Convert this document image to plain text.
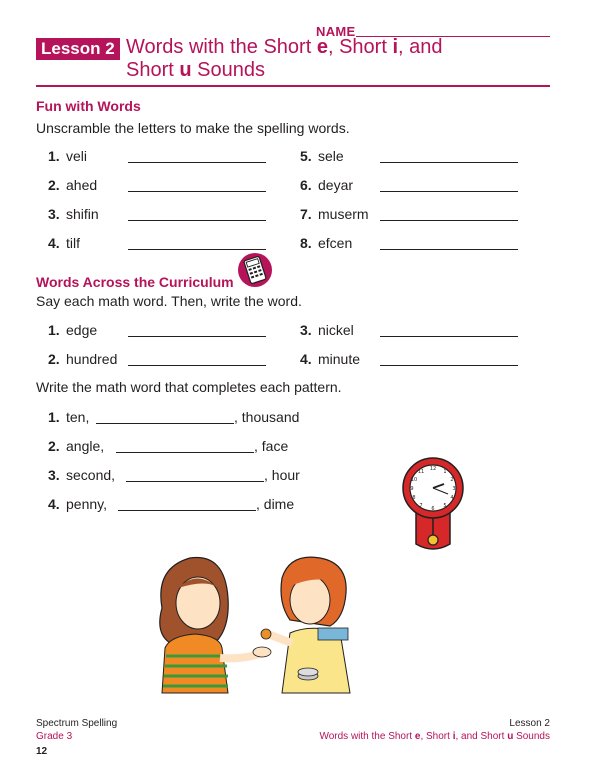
NAME
Lesson 2 Words with the Short e, Short i, and
Short u Sounds
Fun with Words
Unscramble the letters to make the spelling words.
1. veli
2. ahed
3. shifin
4. tilf
5. sele
6. deyar
7. muserm
8. efcen
Words Across the Curriculum
Say each math word. Then, write the word.
1. edge
2. hundred
3. nickel
4. minute
Write the math word that completes each pattern.
1. ten,	, thousand
2. angle,	, face
3. second,	, hour
4. penny,	, dime
12 1
2
3
4
5
6
7
8
9
10
11
Spectrum Spelling
Grade 3
12
Lesson 2
Words with the Short e, Short i, and Short u Sounds
